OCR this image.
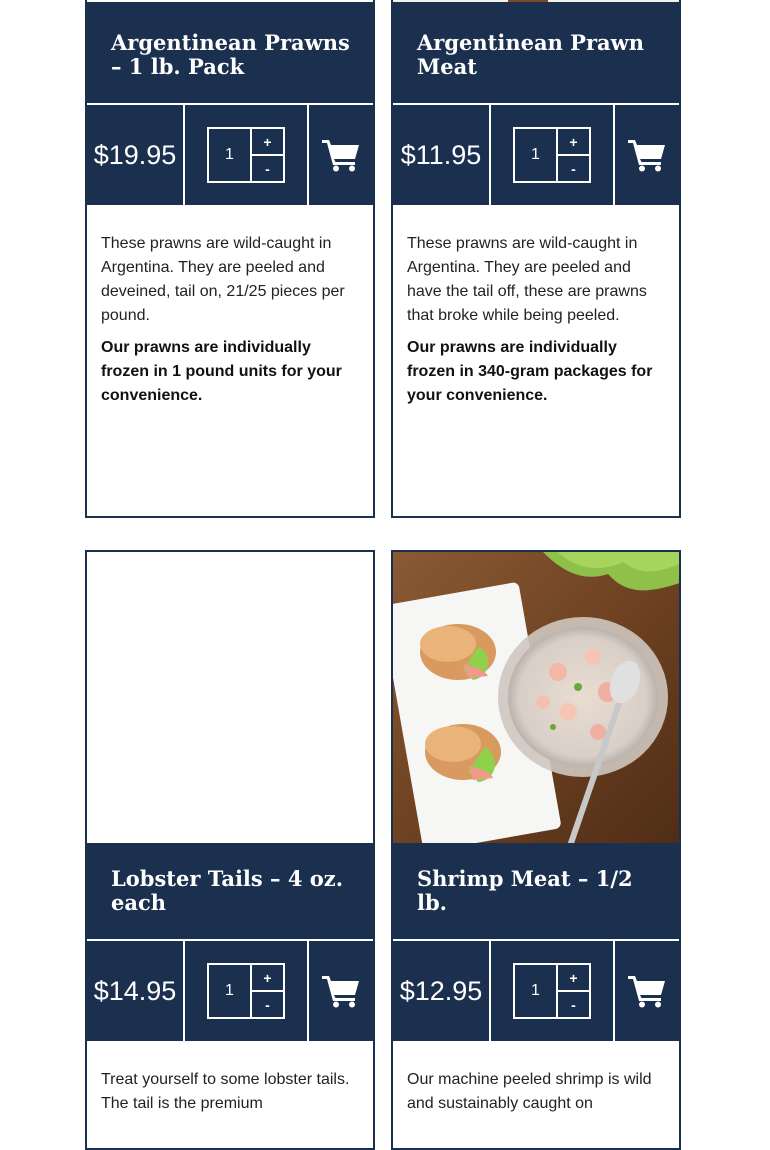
Argentinean Prawns – 1 lb. Pack
$19.95	1
+
-

These prawns are wild-caught in Argentina. They are peeled and deveined, tail on, 21/25 pieces per pound.

Our prawns are individually frozen in 1 pound units for your convenience.

Argentinean Prawn Meat
$11.95	1
+
-

These prawns are wild-caught in Argentina. They are peeled and have the tail off, these are prawns that broke while being peeled.

Our prawns are individually frozen in 340-gram packages for your convenience.

Lobster Tails – 4 oz. each
$14.95	1
+
-

Treat yourself to some lobster tails. The tail is the premium

Shrimp Meat – 1/2 lb.
$12.95	1
+
-

Our machine peeled shrimp is wild and sustainably caught on
